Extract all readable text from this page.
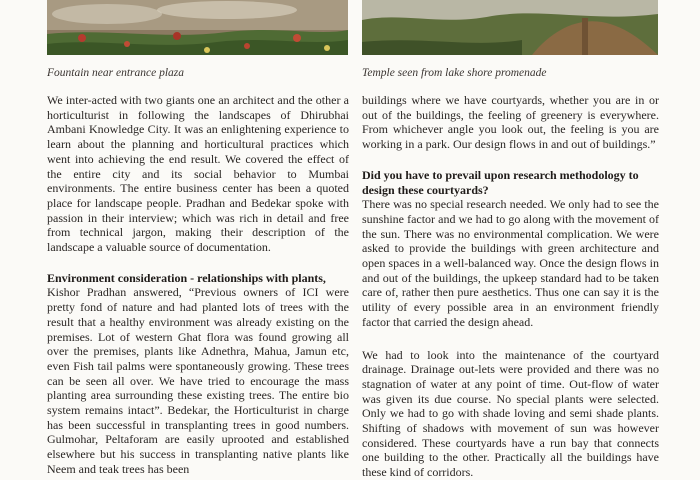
Fountain near entrance plaza	Temple seen from lake shore promenade

We inter-acted with two giants one an architect and the other a horticulturist in following the landscapes of Dhirubhai Ambani Knowledge City. It was an enlightening experience to learn about the planning and horticultural practices which went into achieving the end result. We covered the effect of the entire city and its social behavior to Mumbai environments. The entire business center has been a quoted place for landscape people. Pradhan and Bedekar spoke with passion in their interview; which was rich in detail and free from technical jargon, making their description of the landscape a valuable source of documentation.

Environment consideration - relationships with plants,

Kishor Pradhan answered, “Previous owners of ICI were pretty fond of nature and had planted lots of trees with the result that a healthy environment was already existing on the premises. Lot of western Ghat flora was found growing all over the premises, plants like Adnethra, Mahua, Jamun etc, even Fish tail palms were spontaneously growing. These trees can be seen all over. We have tried to encourage the mass planting area surrounding these existing trees. The entire bio system remains intact”. Bedekar, the Horticulturist in charge has been successful in transplanting trees in good numbers. Gulmohar, Peltaforam are easily uprooted and established elsewhere but his success in transplanting native plants like Neem and teak trees has been

buildings where we have courtyards, whether you are in or out of the buildings, the feeling of greenery is everywhere. From whichever angle you look out, the feeling is you are working in a park. Our design flows in and out of buildings.”

Did you have to prevail upon research methodology to design these courtyards?

There was no special research needed. We only had to see the sunshine factor and we had to go along with the movement of the sun. There was no environmental complication. We were asked to provide the buildings with green architecture and open spaces in a well-balanced way. Once the design flows in and out of the buildings, the upkeep standard had to be taken care of, rather then pure aesthetics. Thus one can say it is the utility of every possible area in an environment friendly factor that carried the design ahead.

We had to look into the maintenance of the courtyard drainage. Drainage out-lets were provided and there was no stagnation of water at any point of time. Out-flow of water was given its due course. No special plants were selected. Only we had to go with shade loving and semi shade plants. Shifting of shadows with movement of sun was however considered. These courtyards have a run bay that connects one building to the other. Practically all the buildings have these kind of corridors.
